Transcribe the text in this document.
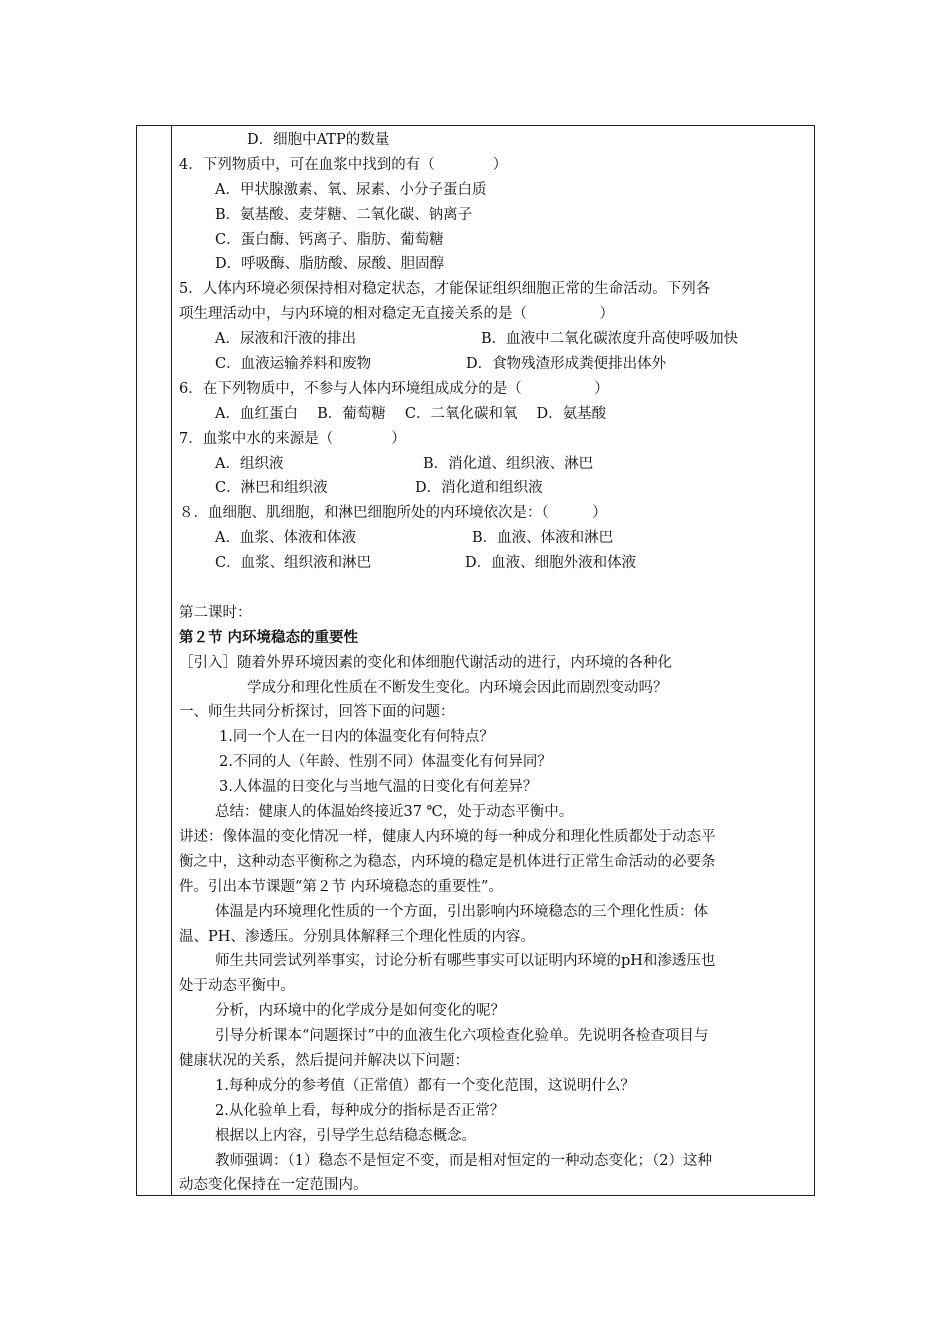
D．细胞中ATP的数量
4．下列物质中，可在血浆中找到的有（　　　　）
A．甲状腺激素、氧、尿素、小分子蛋白质
B．氨基酸、麦芽糖、二氧化碳、钠离子
C．蛋白酶、钙离子、脂肪、葡萄糖
D．呼吸酶、脂肪酸、尿酸、胆固醇
5．人体内环境必须保持相对稳定状态，才能保证组织细胞正常的生命活动。下列各
项生理活动中，与内环境的相对稳定无直接关系的是（　　　　　）
A．尿液和汗液的排出	B．血液中二氧化碳浓度升高使呼吸加快
C．血液运输养料和废物	D．食物残渣形成粪便排出体外
6．在下列物质中，不参与人体内环境组成成分的是（　　　　　）
A．血红蛋白　 B．葡萄糖　 C．二氧化碳和氧　 D．氨基酸
7．血浆中水的来源是（　　　　）
A．组织液	B．消化道、组织液、淋巴
C．淋巴和组织液	D．消化道和组织液
８．血细胞、肌细胞，和淋巴细胞所处的内环境依次是：（　　　）
A．血浆、体液和体液	B．血液、体液和淋巴
C．血浆、组织液和淋巴	D．血液、细胞外液和体液
第二课时：
第２节 内环境稳态的重要性
［引入］随着外界环境因素的变化和体细胞代谢活动的进行，内环境的各种化
学成分和理化性质在不断发生变化。内环境会因此而剧烈变动吗？
一、师生共同分析探讨，回答下面的问题：
1.同一个人在一日内的体温变化有何特点？
2.不同的人（年龄、性别不同）体温变化有何异同？
3.人体温的日变化与当地气温的日变化有何差异？
总结：健康人的体温始终接近37 ℃，处于动态平衡中。
讲述：像体温的变化情况一样，健康人内环境的每一种成分和理化性质都处于动态平
衡之中，这种动态平衡称之为稳态，内环境的稳定是机体进行正常生命活动的必要条
件。引出本节课题“第２节 内环境稳态的重要性”。
体温是内环境理化性质的一个方面，引出影响内环境稳态的三个理化性质：体
温、PH、渗透压。分别具体解释三个理化性质的内容。
师生共同尝试列举事实，讨论分析有哪些事实可以证明内环境的pH和渗透压也
处于动态平衡中。
分析，内环境中的化学成分是如何变化的呢？
引导分析课本“问题探讨”中的血液生化六项检查化验单。先说明各检查项目与
健康状况的关系，然后提问并解决以下问题：
1.每种成分的参考值（正常值）都有一个变化范围，这说明什么？
2.从化验单上看，每种成分的指标是否正常？
根据以上内容，引导学生总结稳态概念。
教师强调：（1）稳态不是恒定不变，而是相对恒定的一种动态变化；（2）这种
动态变化保持在一定范围内。
